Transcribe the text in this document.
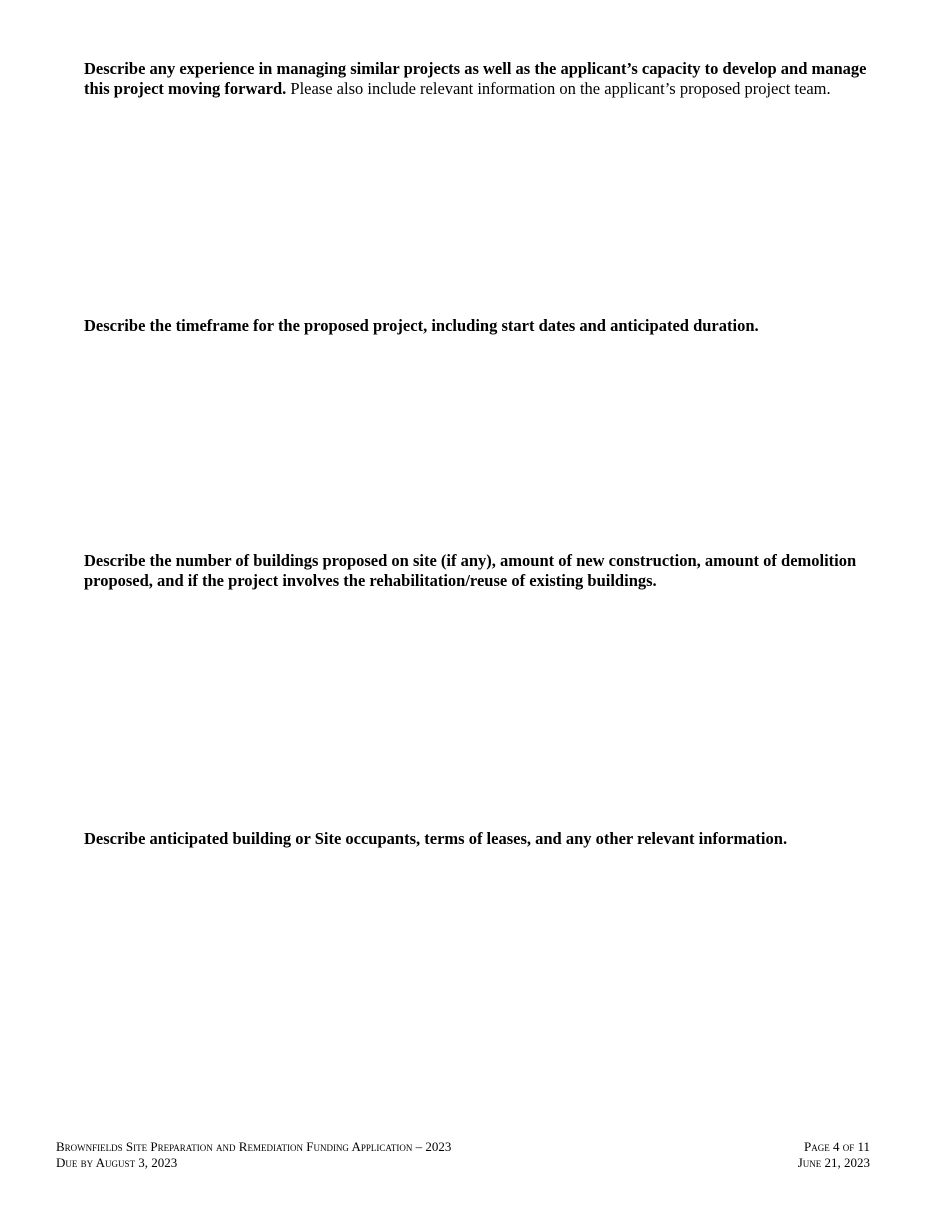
Describe any experience in managing similar projects as well as the applicant’s capacity to develop and manage this project moving forward. Please also include relevant information on the applicant’s proposed project team.
Describe the timeframe for the proposed project, including start dates and anticipated duration.
Describe the number of buildings proposed on site (if any), amount of new construction, amount of demolition proposed, and if the project involves the rehabilitation/reuse of existing buildings.
Describe anticipated building or Site occupants, terms of leases, and any other relevant information.
Brownfields Site Preparation and Remediation Funding Application – 2023
Due by August 3, 2023
Page 4 of 11
June 21, 2023
